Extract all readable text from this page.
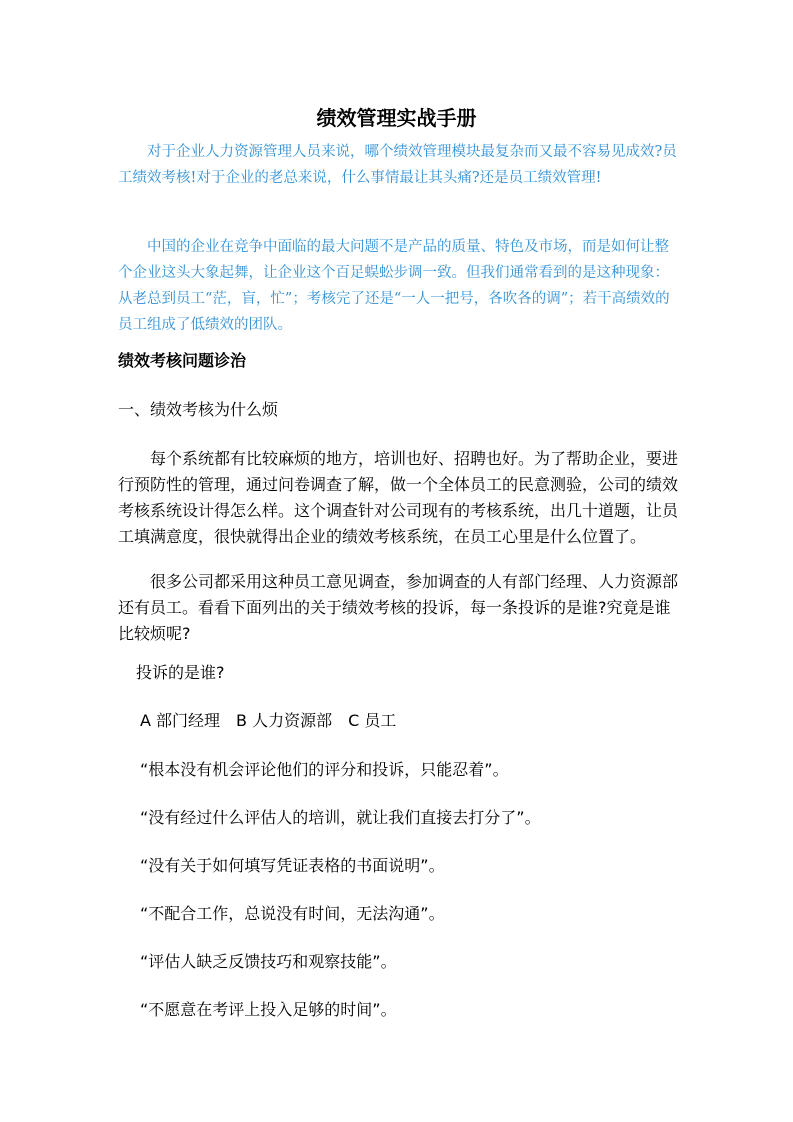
绩效管理实战手册

对于企业人力资源管理人员来说，哪个绩效管理模块最复杂而又最不容易见成效?员工绩效考核!对于企业的老总来说，什么事情最让其头痛?还是员工绩效管理!

中国的企业在竞争中面临的最大问题不是产品的质量、特色及市场，而是如何让整个企业这头大象起舞，让企业这个百足蜈蚣步调一致。但我们通常看到的是这种现象：从老总到员工“茫，盲，忙”；考核完了还是“一人一把号，各吹各的调”；若干高绩效的员工组成了低绩效的团队。

绩效考核问题诊治
一、绩效考核为什么烦

每个系统都有比较麻烦的地方，培训也好、招聘也好。为了帮助企业，要进行预防性的管理，通过问卷调查了解，做一个全体员工的民意测验，公司的绩效考核系统设计得怎么样。这个调查针对公司现有的考核系统，出几十道题，让员工填满意度，很快就得出企业的绩效考核系统，在员工心里是什么位置了。

很多公司都采用这种员工意见调查，参加调查的人有部门经理、人力资源部还有员工。看看下面列出的关于绩效考核的投诉，每一条投诉的是谁?究竟是谁比较烦呢?

投诉的是谁?
A 部门经理　B 人力资源部　C 员工
“根本没有机会评论他们的评分和投诉，只能忍着”。
“没有经过什么评估人的培训，就让我们直接去打分了”。
“没有关于如何填写凭证表格的书面说明”。
“不配合工作，总说没有时间，无法沟通”。
“评估人缺乏反馈技巧和观察技能”。
“不愿意在考评上投入足够的时间”。
